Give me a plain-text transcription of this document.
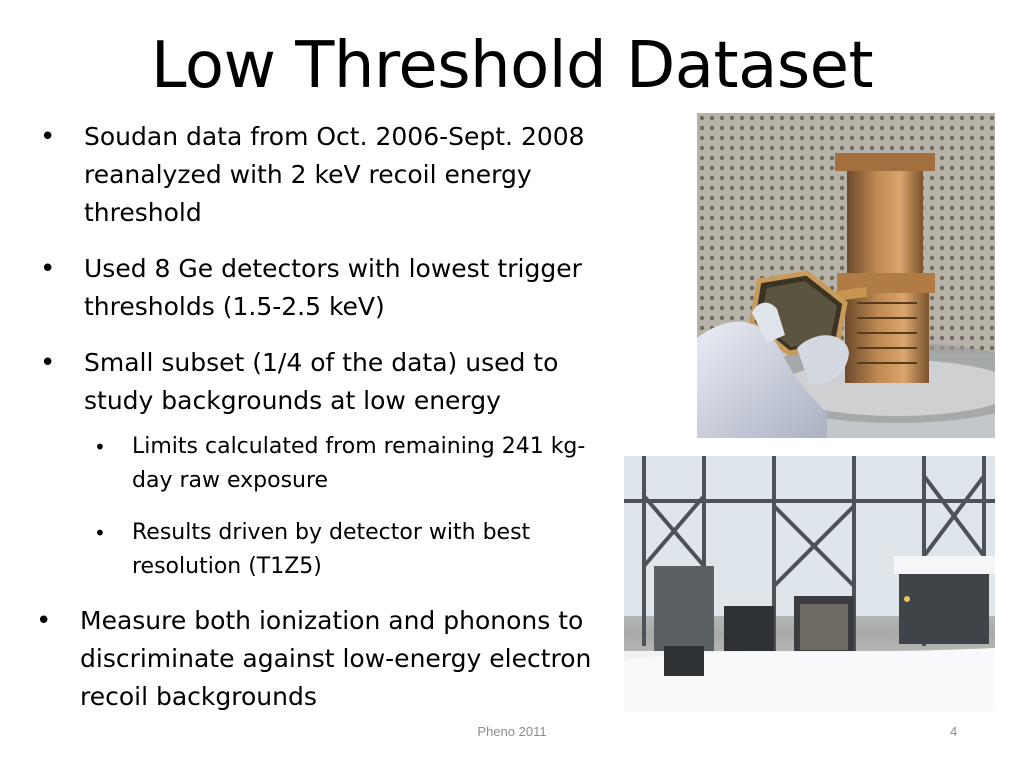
Low Threshold Dataset
• Soudan data from Oct. 2006-Sept. 2008 reanalyzed with 2 keV recoil energy threshold
• Used 8 Ge detectors with lowest trigger thresholds (1.5-2.5 keV)
• Small subset (1/4 of the data) used to study backgrounds at low energy
• Limits calculated from remaining 241 kg-day raw exposure
• Results driven by detector with best resolution (T1Z5)
• Measure both ionization and phonons to discriminate against low-energy electron recoil backgrounds
Pheno 2011	4
